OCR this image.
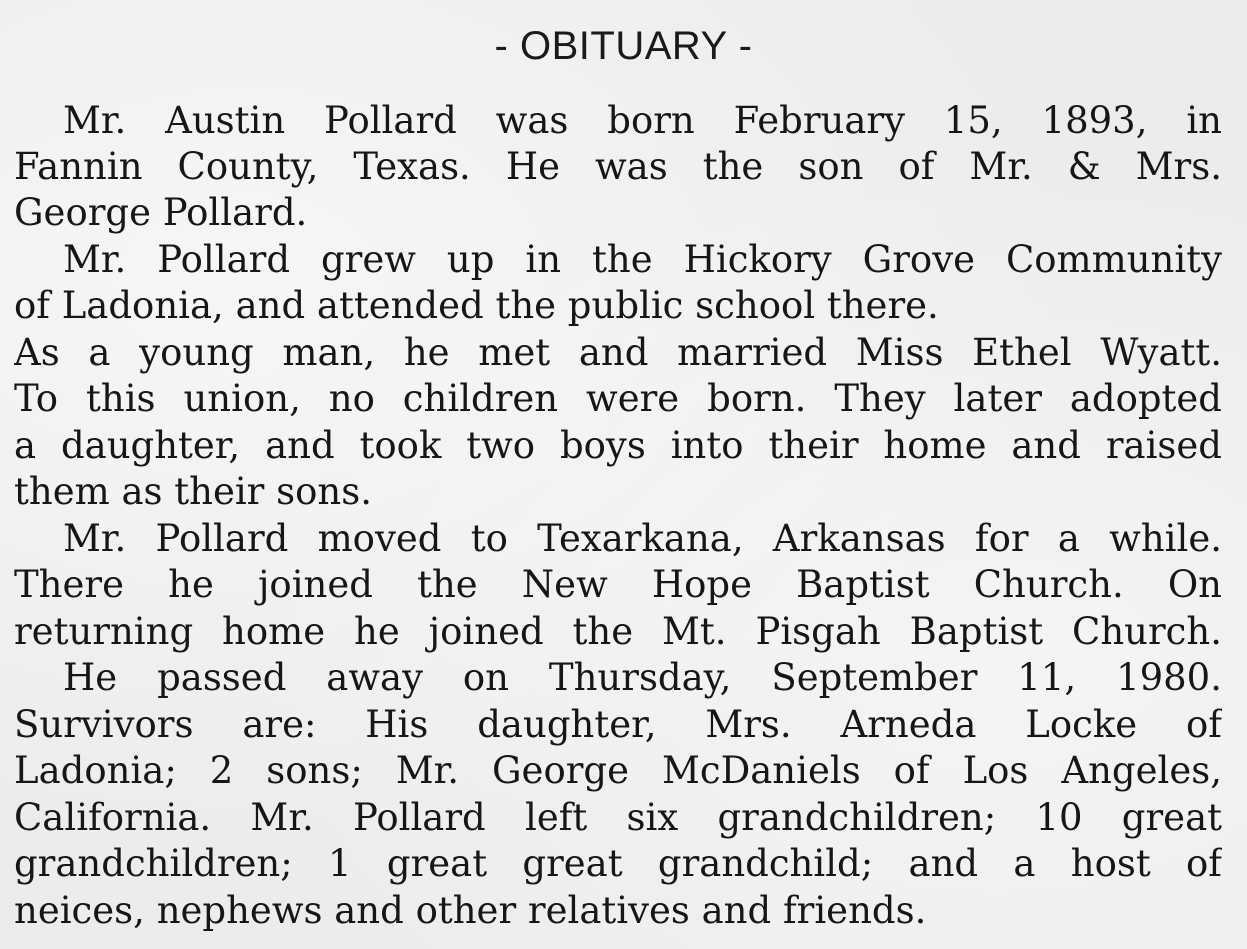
- OBITUARY -
Mr. Austin Pollard was born February 15, 1893, in
Fannin County, Texas. He was the son of Mr. & Mrs.
George Pollard.
Mr. Pollard grew up in the Hickory Grove Community
of Ladonia, and attended the public school there.
As a young man, he met and married Miss Ethel Wyatt.
To this union, no children were born. They later adopted
a daughter, and took two boys into their home and raised
them as their sons.
Mr. Pollard moved to Texarkana, Arkansas for a while.
There he joined the New Hope Baptist Church. On
returning home he joined the Mt. Pisgah Baptist Church.
He passed away on Thursday, September 11, 1980.
Survivors are: His daughter, Mrs. Arneda Locke of
Ladonia; 2 sons; Mr. George McDaniels of Los Angeles,
California. Mr. Pollard left six grandchildren; 10 great
grandchildren; 1 great great grandchild; and a host of
neices, nephews and other relatives and friends.
